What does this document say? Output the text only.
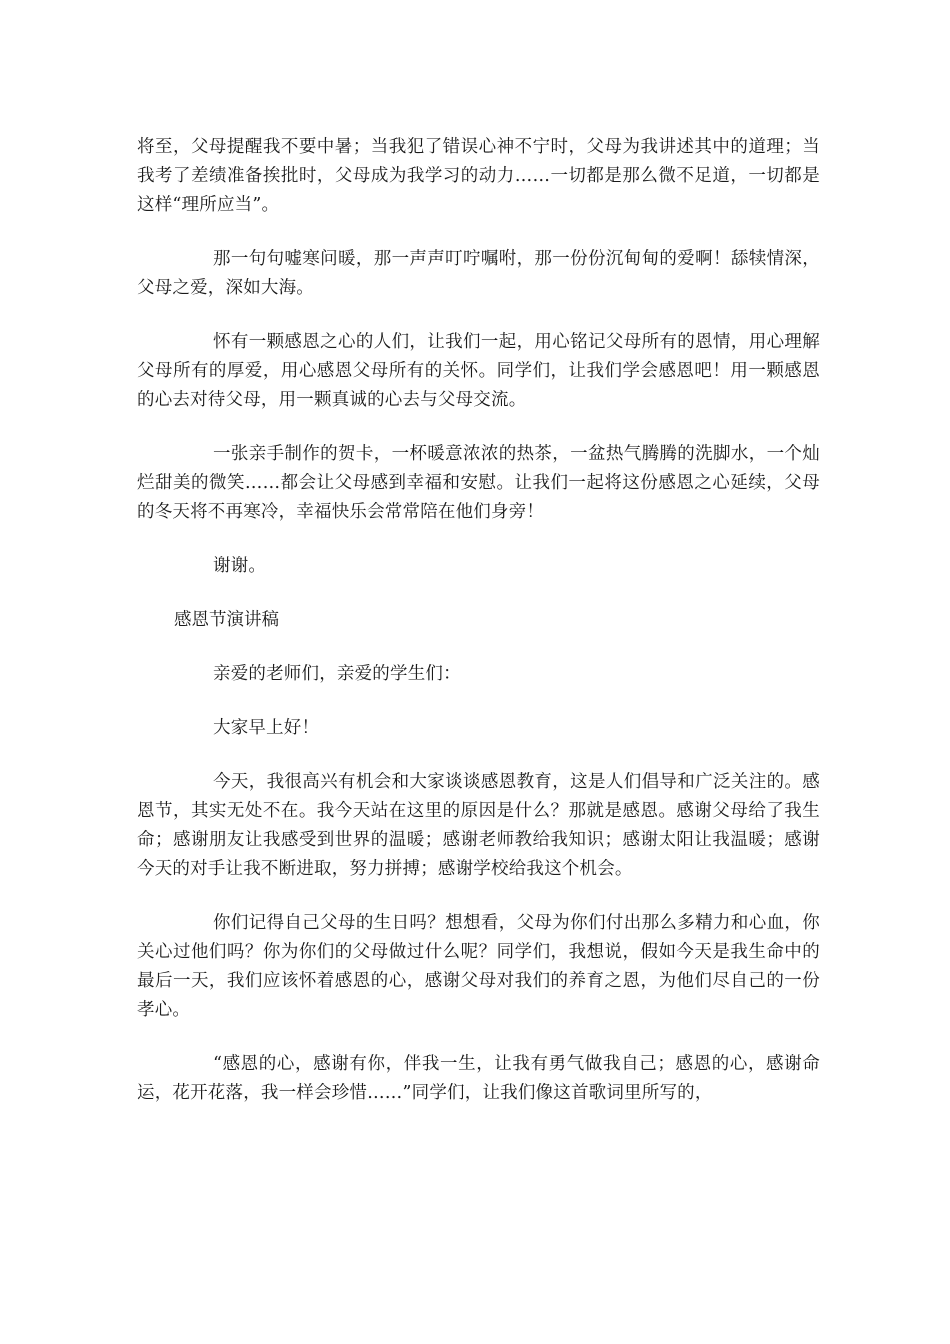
将至，父母提醒我不要中暑；当我犯了错误心神不宁时，父母为我讲述其中的道理；当我考了差绩准备挨批时，父母成为我学习的动力……一切都是那么微不足道，一切都是这样“理所应当”。

那一句句嘘寒问暖，那一声声叮咛嘱咐，那一份份沉甸甸的爱啊！舔犊情深，父母之爱，深如大海。

怀有一颗感恩之心的人们，让我们一起，用心铭记父母所有的恩情，用心理解父母所有的厚爱，用心感恩父母所有的关怀。同学们，让我们学会感恩吧！用一颗感恩的心去对待父母，用一颗真诚的心去与父母交流。

一张亲手制作的贺卡，一杯暖意浓浓的热茶，一盆热气腾腾的洗脚水，一个灿烂甜美的微笑……都会让父母感到幸福和安慰。让我们一起将这份感恩之心延续，父母的冬天将不再寒冷，幸福快乐会常常陪在他们身旁！

谢谢。

感恩节演讲稿

亲爱的老师们，亲爱的学生们：

大家早上好！

今天，我很高兴有机会和大家谈谈感恩教育，这是人们倡导和广泛关注的。感恩节，其实无处不在。我今天站在这里的原因是什么？那就是感恩。感谢父母给了我生命；感谢朋友让我感受到世界的温暖；感谢老师教给我知识；感谢太阳让我温暖；感谢今天的对手让我不断进取，努力拼搏；感谢学校给我这个机会。

你们记得自己父母的生日吗？想想看，父母为你们付出那么多精力和心血，你关心过他们吗？你为你们的父母做过什么呢？同学们，我想说，假如今天是我生命中的最后一天，我们应该怀着感恩的心，感谢父母对我们的养育之恩，为他们尽自己的一份孝心。

“感恩的心，感谢有你，伴我一生，让我有勇气做我自己；感恩的心，感谢命运，花开花落，我一样会珍惜……”同学们，让我们像这首歌词里所写的，
